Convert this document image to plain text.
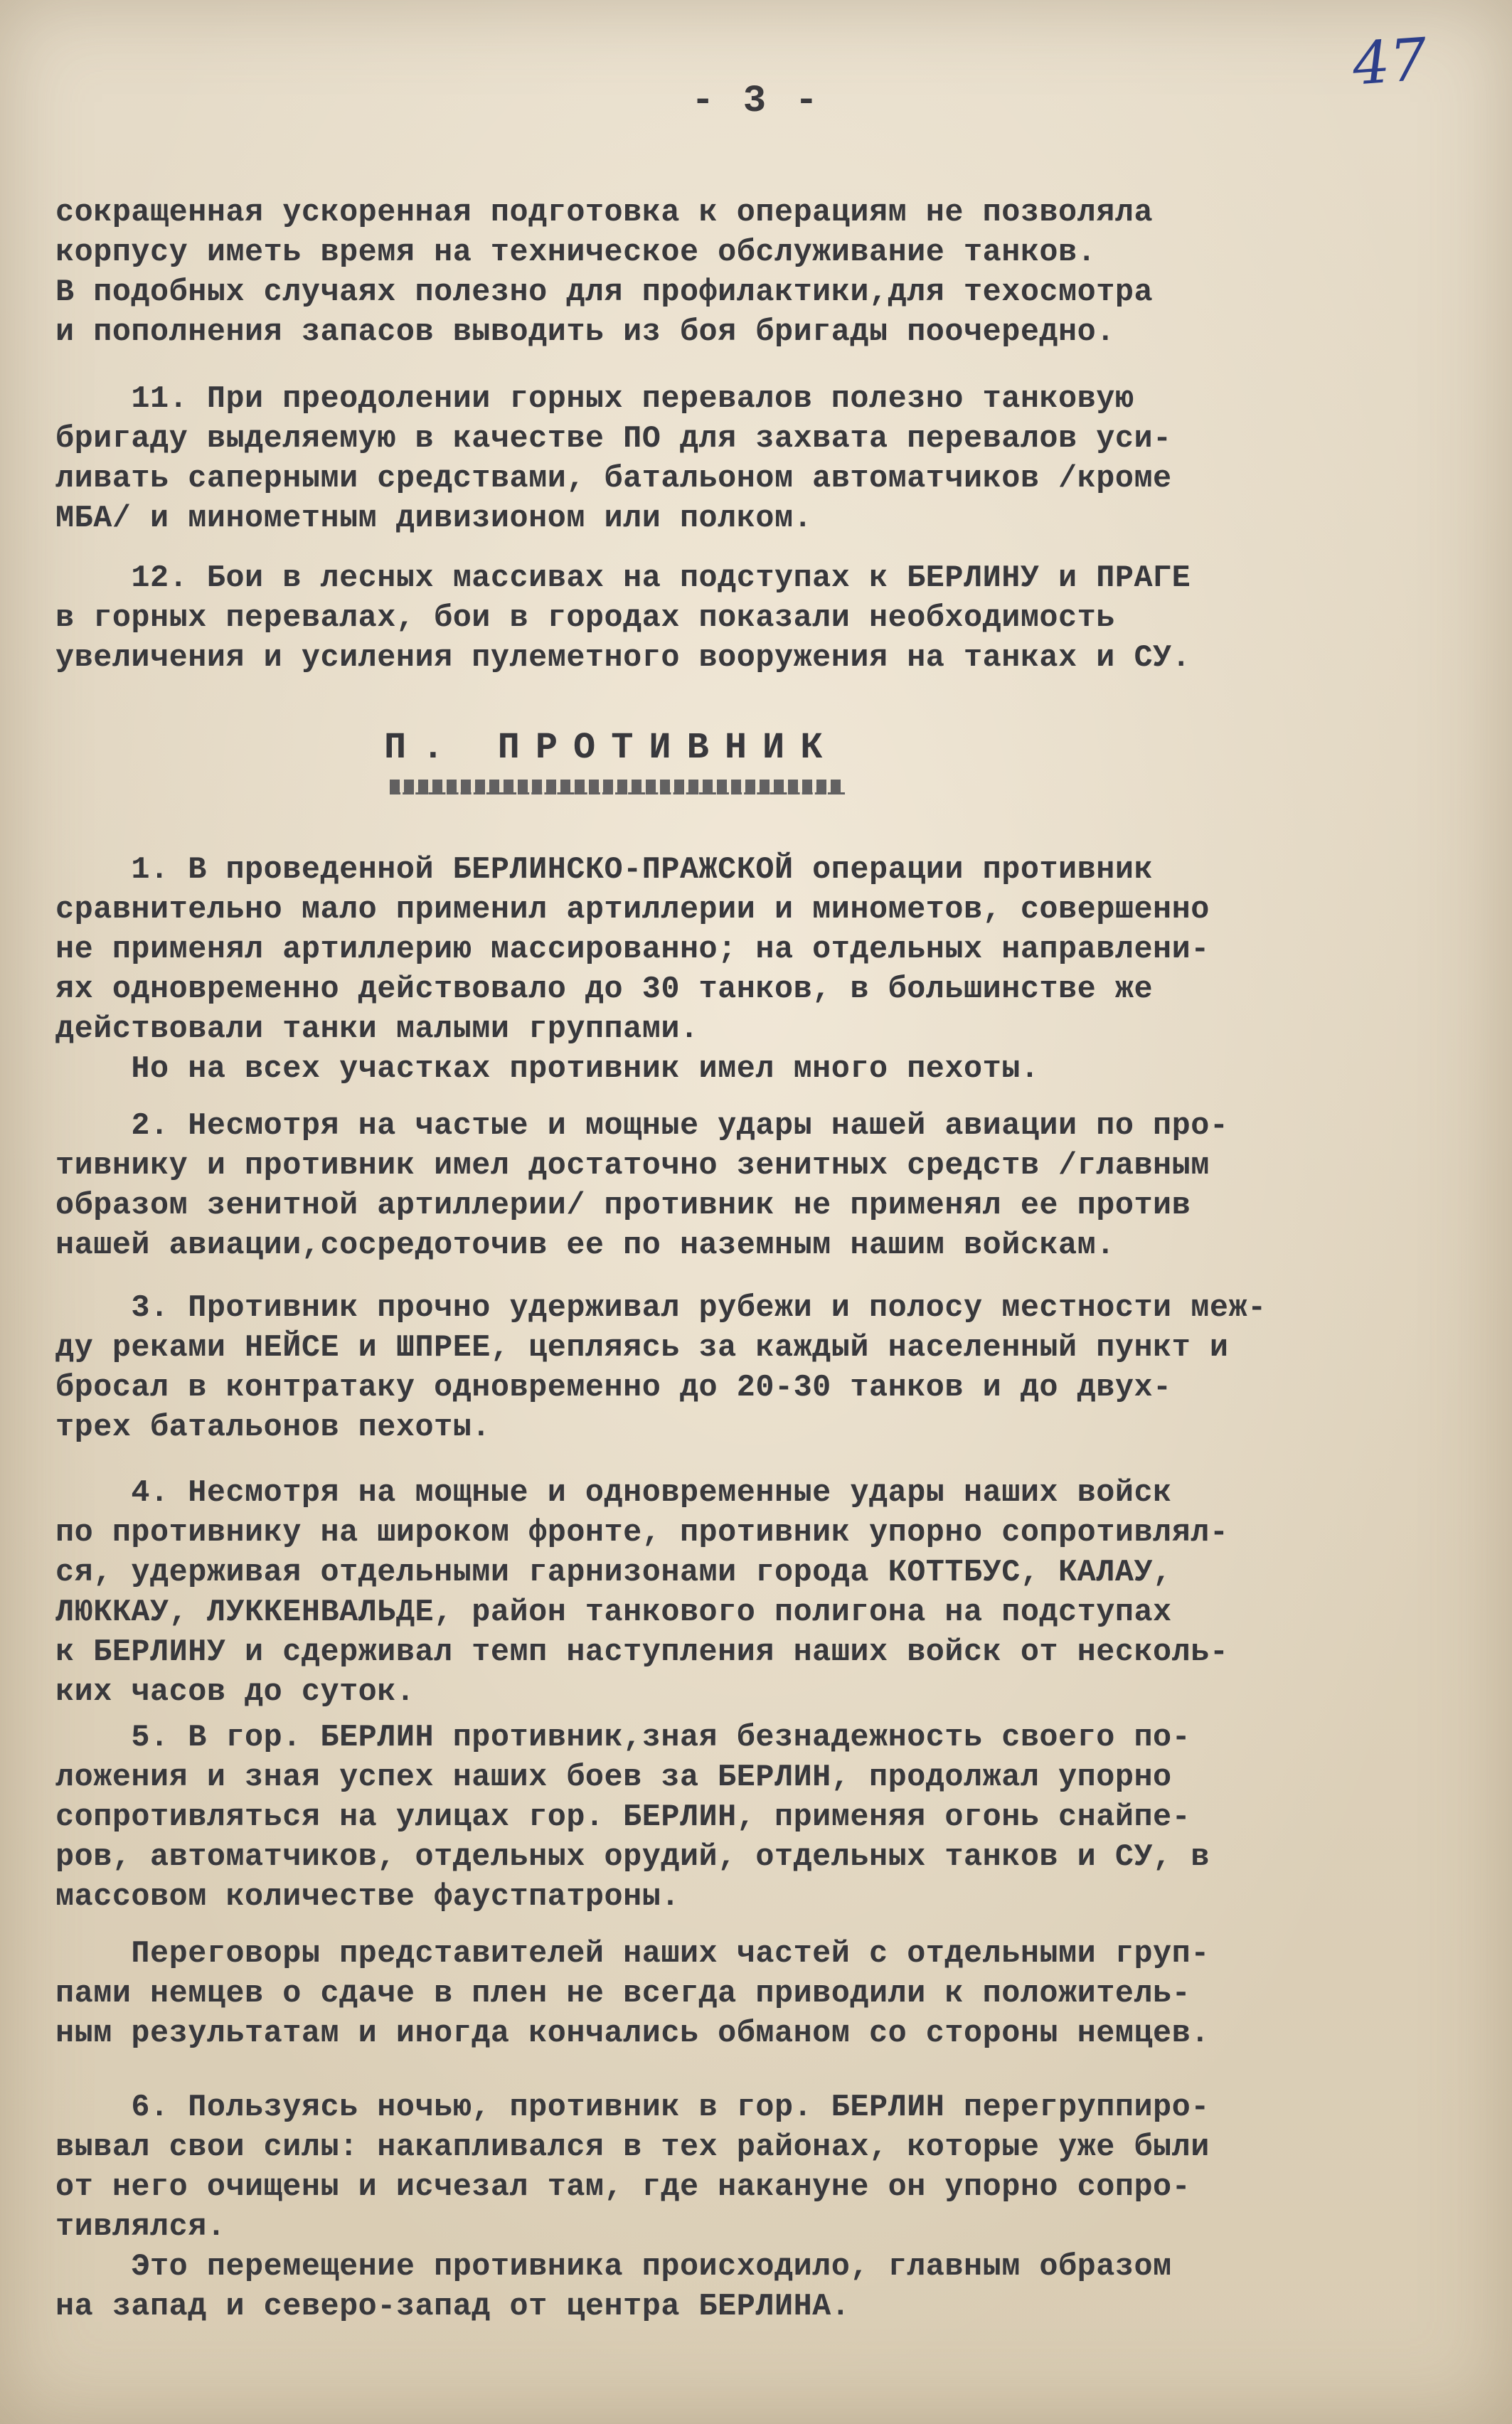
47
- 3 -

сокращенная ускоренная подготовка к операциям не позволяла

корпусу иметь время на техническое обслуживание танков.

В подобных случаях полезно для профилактики,для техосмотра

и пополнения запасов выводить из боя бригады поочередно.

11. При преодолении горных перевалов полезно танковую

бригаду выделяемую в качестве ПО для захвата перевалов уси-

ливать саперными средствами, батальоном автоматчиков /кроме

МБА/ и минометным дивизионом или полком.

12. Бои в лесных массивах на подступах к БЕРЛИНУ и ПРАГЕ

в горных перевалах, бои в городах показали необходимость

увеличения и усиления пулеметного вооружения на танках и СУ.

П. ПРОТИВНИК

1. В проведенной БЕРЛИНСКО-ПРАЖСКОЙ операции противник

сравнительно мало применил артиллерии и минометов, совершенно

не применял артиллерию массированно; на отдельных направлени-

ях одновременно действовало до 30 танков, в большинстве же

действовали танки малыми группами.

Но на всех участках противник имел много пехоты.

2. Несмотря на частые и мощные удары нашей авиации по про-

тивнику и противник имел достаточно зенитных средств /главным

образом зенитной артиллерии/ противник не применял ее против

нашей авиации,сосредоточив ее по наземным нашим войскам.

3. Противник прочно удерживал рубежи и полосу местности меж-

ду реками НЕЙСЕ и ШПРЕЕ, цепляясь за каждый населенный пункт и

бросал в контратаку одновременно до 20-30 танков и до двух-

трех батальонов пехоты.

4. Несмотря на мощные и одновременные удары наших войск

по противнику на широком фронте, противник упорно сопротивлял-

ся, удерживая отдельными гарнизонами города КОТТБУС, КАЛАУ,

ЛЮККАУ, ЛУККЕНВАЛЬДЕ, район танкового полигона на подступах

к БЕРЛИНУ и сдерживал темп наступления наших войск от несколь-

ких часов до суток.

5. В гор. БЕРЛИН противник,зная безнадежность своего по-

ложения и зная успех наших боев за БЕРЛИН, продолжал упорно

сопротивляться на улицах гор. БЕРЛИН, применяя огонь снайпе-

ров, автоматчиков, отдельных орудий, отдельных танков и СУ, в

массовом количестве фаустпатроны.

Переговоры представителей наших частей с отдельными груп-

пами немцев о сдаче в плен не всегда приводили к положитель-

ным результатам и иногда кончались обманом со стороны немцев.

6. Пользуясь ночью, противник в гор. БЕРЛИН перегруппиро-

вывал свои силы: накапливался в тех районах, которые уже были

от него очищены и исчезал там, где накануне он упорно сопро-

тивлялся.

Это перемещение противника происходило, главным образом

на запад и северо-запад от центра БЕРЛИНА.
